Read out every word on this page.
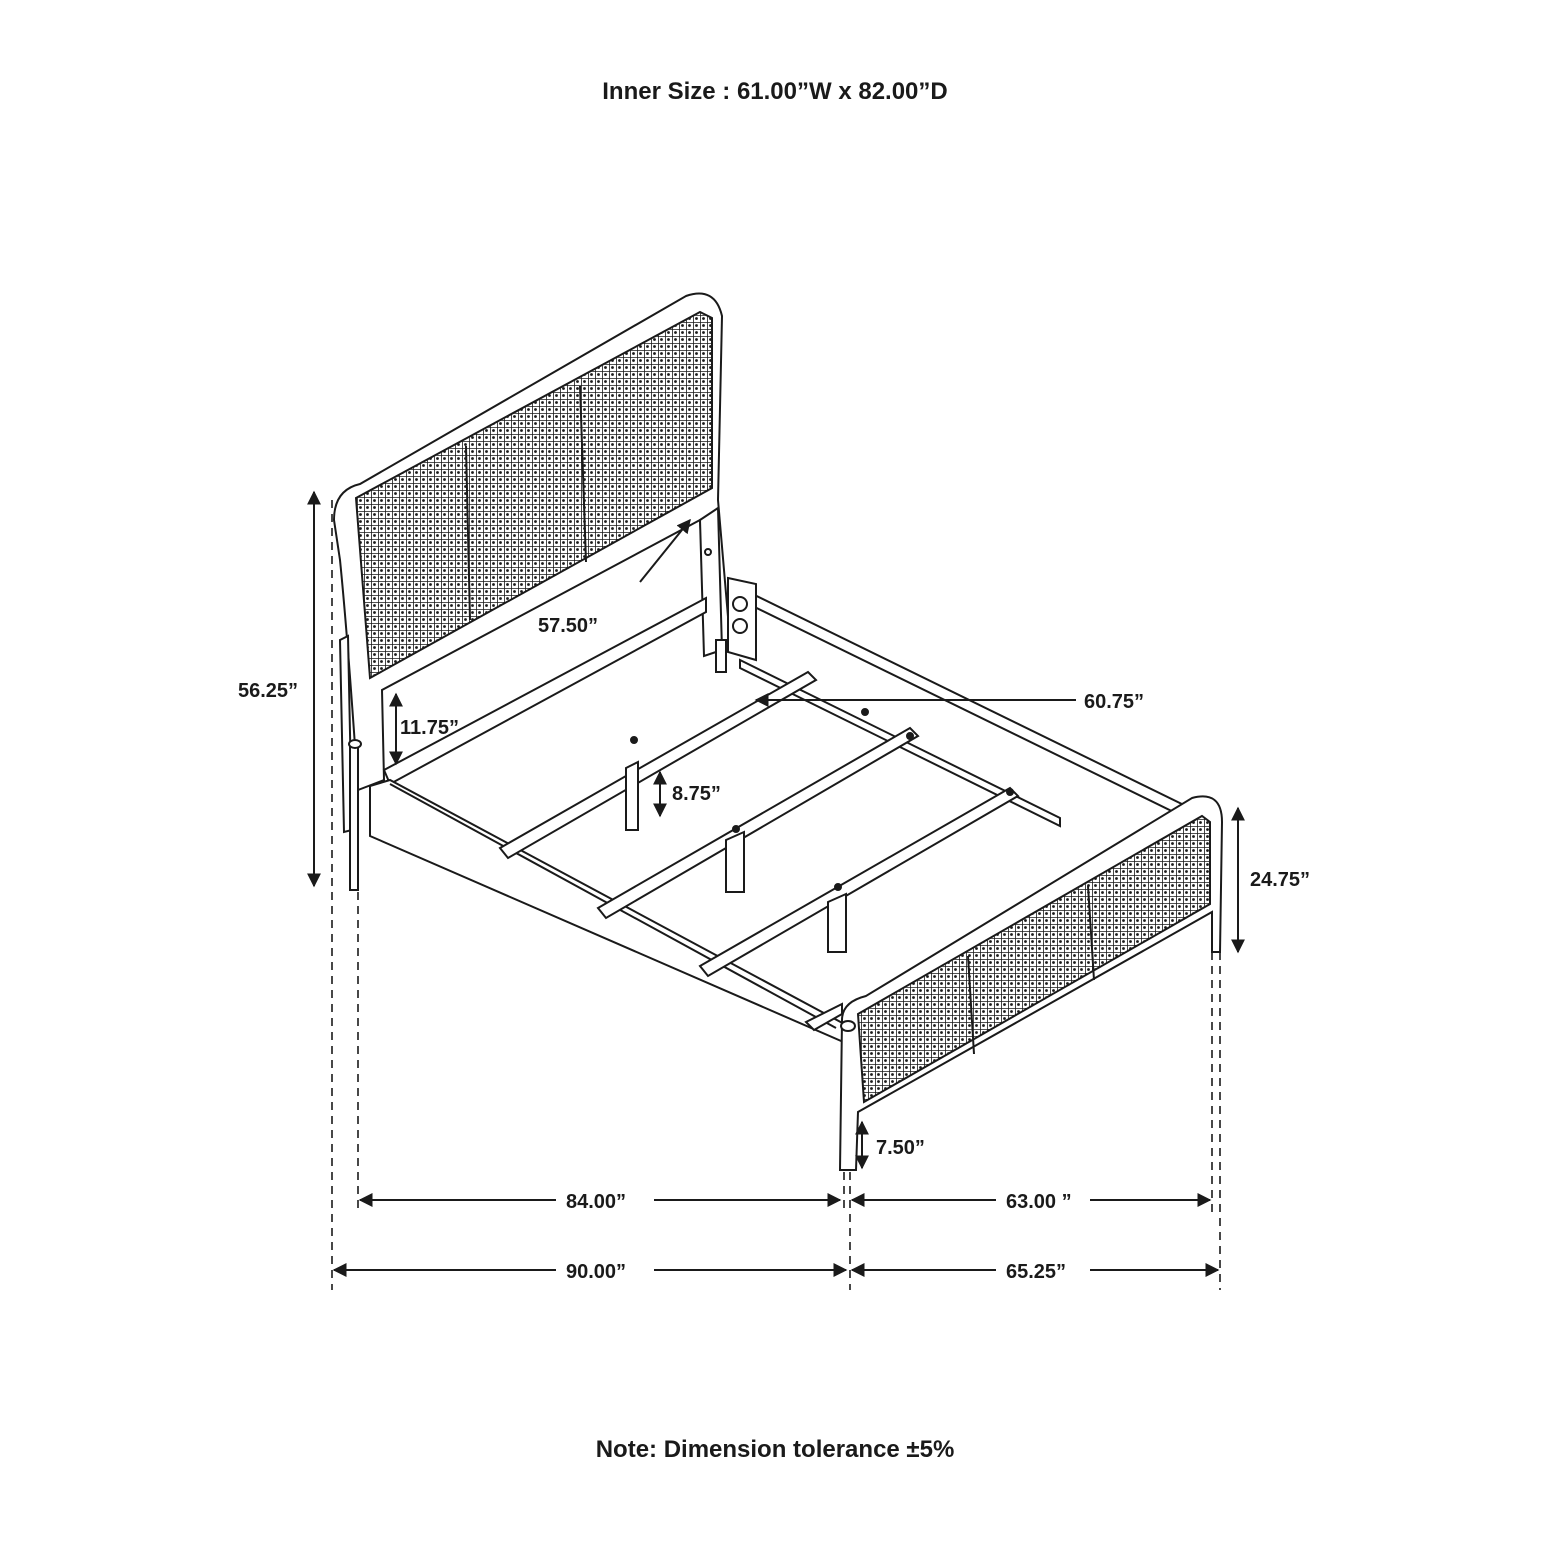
Inner Size : 61.00”W x 82.00”D
56.25”
57.50”
11.75”
8.75”
60.75”
24.75”
7.50”
84.00”	63.00 ”
90.00”	65.25”
Note: Dimension tolerance ±5%
